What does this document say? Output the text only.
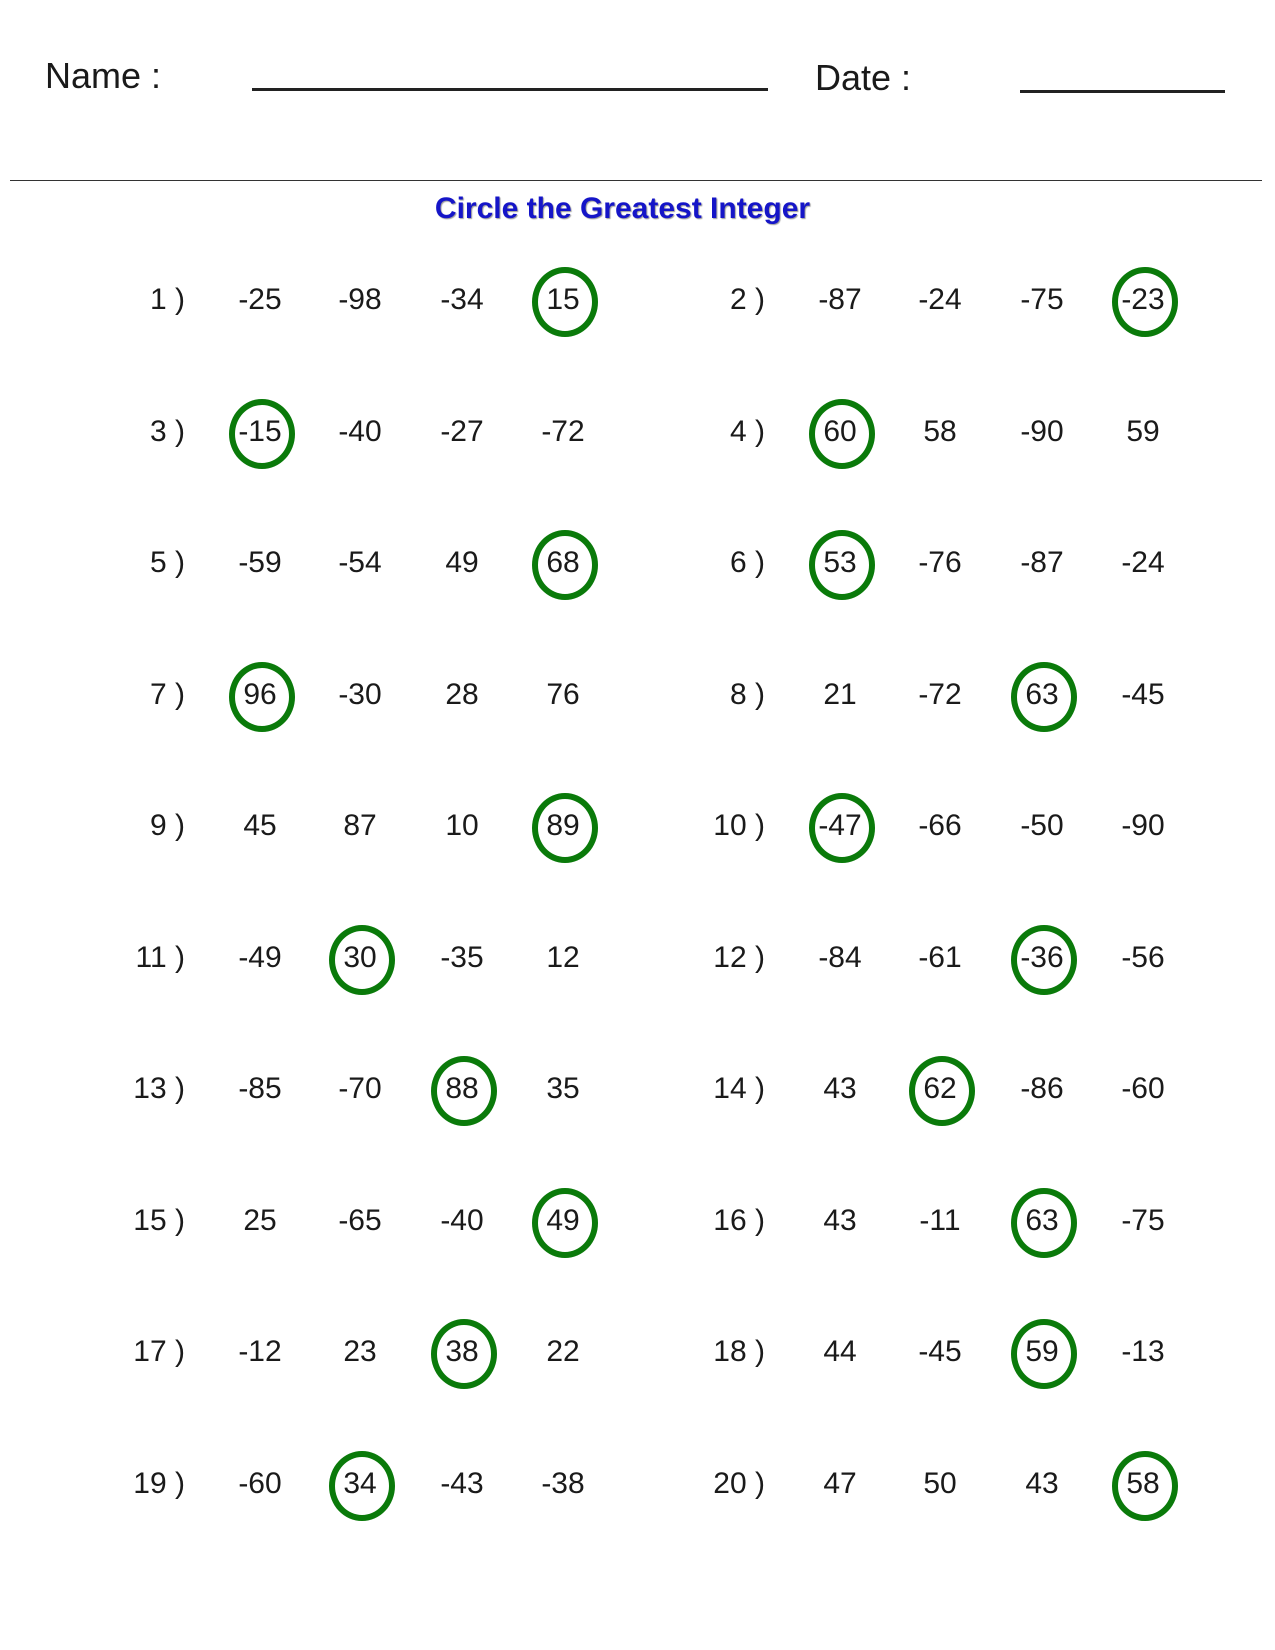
Name :	Date :
Circle the Greatest Integer
1 )	-25	-98	-34	15	2 )	-87	-24	-75	-23
3 )	-15	-40	-27	-72	4 )	60	58	-90	59
5 )	-59	-54	49	68	6 )	53	-76	-87	-24
7 )	96	-30	28	76	8 )	21	-72	63	-45
9 )	45	87	10	89	10 )	-47	-66	-50	-90
11 )	-49	30	-35	12	12 )	-84	-61	-36	-56
13 )	-85	-70	88	35	14 )	43	62	-86	-60
15 )	25	-65	-40	49	16 )	43	-11	63	-75
17 )	-12	23	38	22	18 )	44	-45	59	-13
19 )	-60	34	-43	-38	20 )	47	50	43	58
